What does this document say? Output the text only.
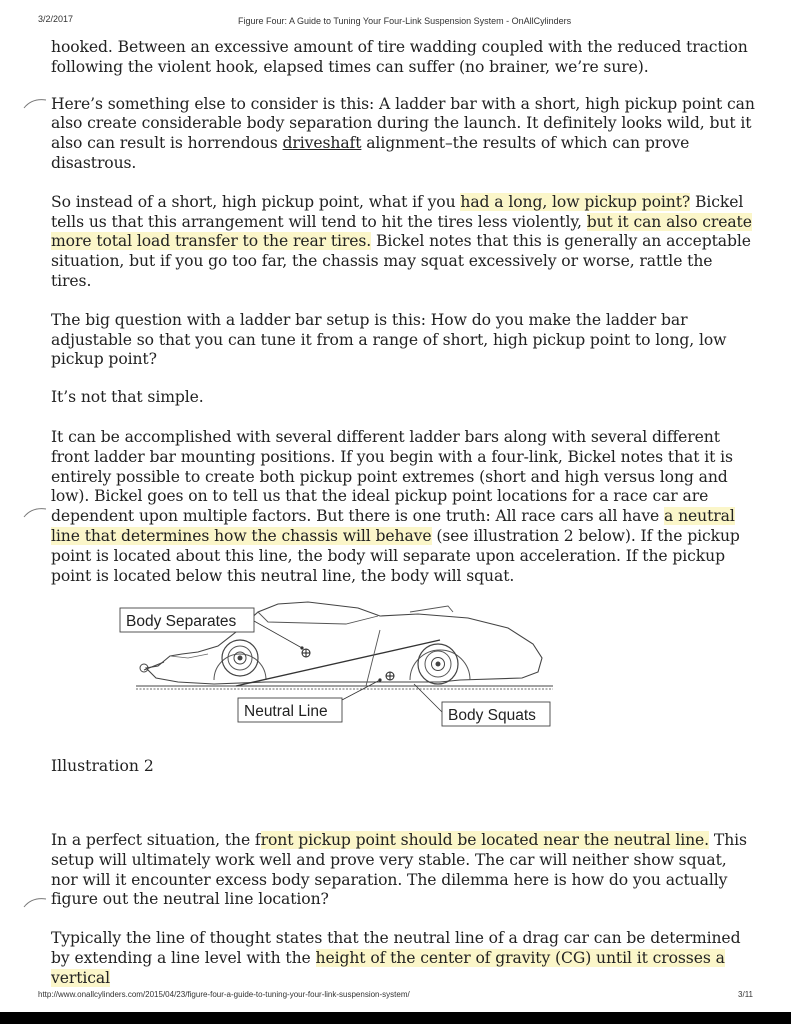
3/2/2017	Figure Four: A Guide to Tuning Your Four-Link Suspension System - OnAllCylinders

hooked. Between an excessive amount of tire wadding coupled with the reduced traction following the violent hook, elapsed times can suffer (no brainer, we’re sure).

Here’s something else to consider is this: A ladder bar with a short, high pickup point can also create considerable body separation during the launch. It definitely looks wild, but it also can result is horrendous driveshaft alignment–the results of which can prove disastrous.

So instead of a short, high pickup point, what if you had a long, low pickup point? Bickel tells us that this arrangement will tend to hit the tires less violently, but it can also create more total load transfer to the rear tires. Bickel notes that this is generally an acceptable situation, but if you go too far, the chassis may squat excessively or worse, rattle the tires.

The big question with a ladder bar setup is this: How do you make the ladder bar adjustable so that you can tune it from a range of short, high pickup point to long, low pickup point?

It’s not that simple.

It can be accomplished with several different ladder bars along with several different front ladder bar mounting positions. If you begin with a four-link, Bickel notes that it is entirely possible to create both pickup point extremes (short and high versus long and low). Bickel goes on to tell us that the ideal pickup point locations for a race car are dependent upon multiple factors. But there is one truth: All race cars all have a neutral line that determines how the chassis will behave (see illustration 2 below). If the pickup point is located about this line, the body will separate upon acceleration. If the pickup point is located below this neutral line, the body will squat.

Body Separates
Neutral Line	Body Squats
Illustration 2

In a perfect situation, the front pickup point should be located near the neutral line. This setup will ultimately work well and prove very stable. The car will neither show squat, nor will it encounter excess body separation. The dilemma here is how do you actually figure out the neutral line location?

Typically the line of thought states that the neutral line of a drag car can be determined by extending a line level with the height of the center of gravity (CG) until it crosses a vertical

http://www.onallcylinders.com/2015/04/23/figure-four-a-guide-to-tuning-your-four-link-suspension-system/	3/11
